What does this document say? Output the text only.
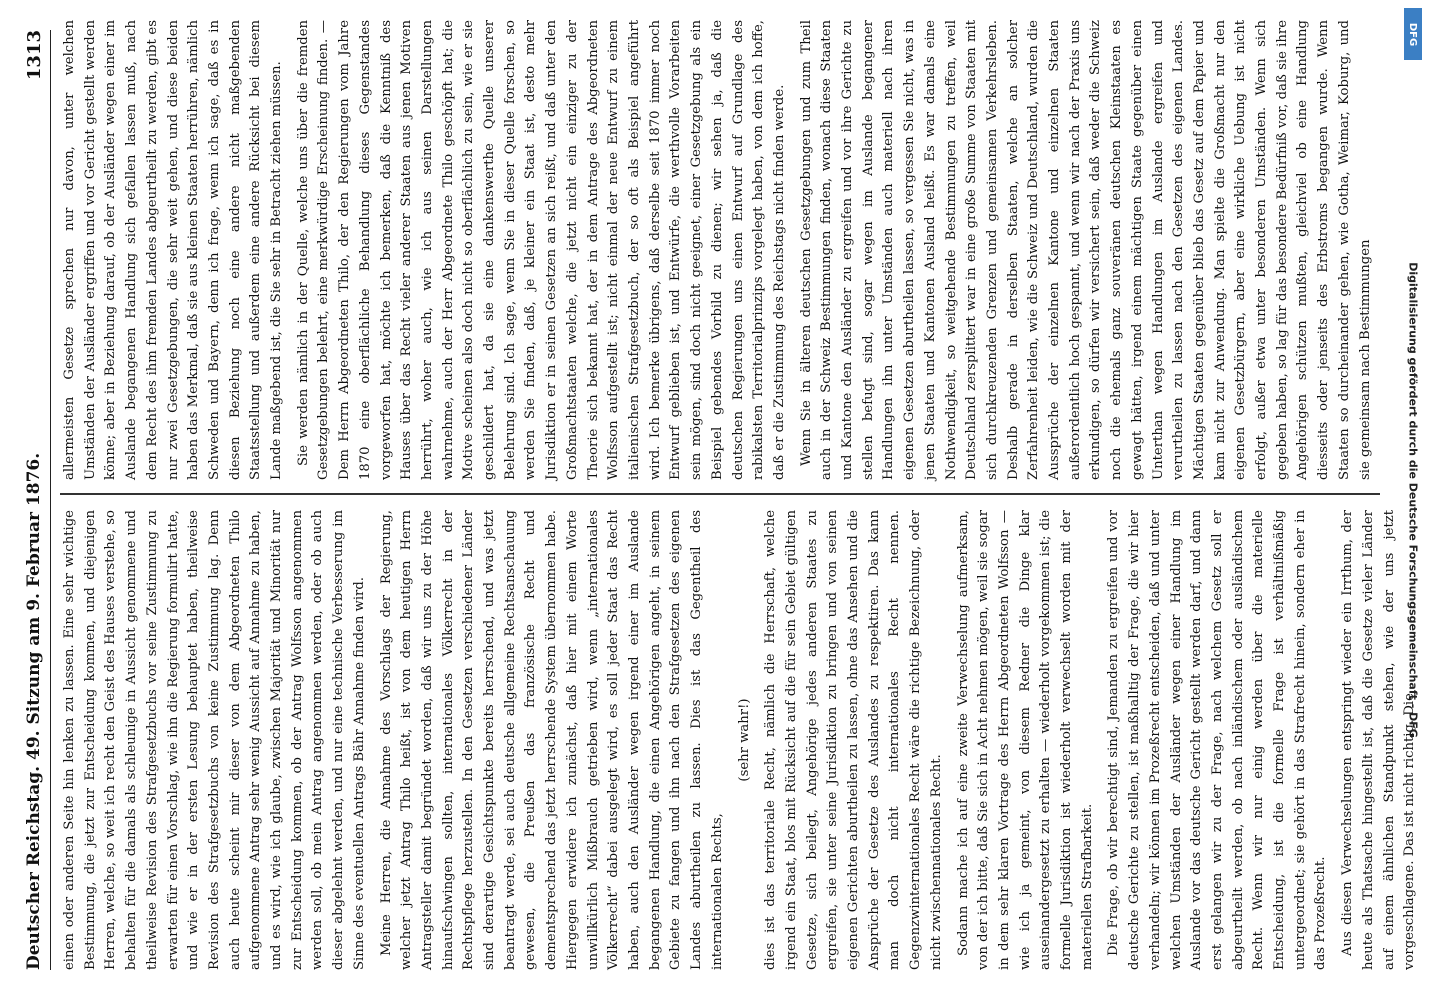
Deutscher Reichstag. 49. Sitzung am 9. Februar 1876.
1313

einen oder anderen Seite hin lenken zu lassen. Eine sehr wichtige Bestimmung, die jetzt zur Entscheidung kommen, und diejenigen Herren, welche, so weit ich recht den Geist des Hauses verstehe, so behalten für die damals als schleunige in Aussicht genommene und theilweise Revision des Strafgesetzbuchs vor seine Zustimmung zu erwarten für einen Vorschlag, wie ihn die Regierung formulirt hatte, und wie er in der ersten Lesung behauptet haben, theilweise Revision des Strafgesetzbuchs von keine Zustimmung lag. Denn auch heute scheint mir dieser von dem Abgeordneten Thilo aufgenommene Antrag sehr wenig Aussicht auf Annahme zu haben, und es wird, wie ich glaube, zwischen Majorität und Minorität nur zur Entscheidung kommen, ob der Antrag Wolfsson angenommen werden soll, ob mein Antrag angenommen werden, oder ob auch dieser abgelehnt werden, und nur eine technische Verbesserung im Sinne des eventuellen Antrags Bähr Annahme finden wird. Meine Herren, die Annahme des Vorschlags der Regierung, welcher jetzt Antrag Thilo heißt, ist von dem heutigen Herrn Antragsteller damit begründet worden, daß wir uns zu der Höhe hinaufschwingen sollten, internationales Völkerrecht in der Rechtspflege herzustellen. In den Gesetzen verschiedener Länder sind derartige Gesichtspunkte bereits herrschend, und was jetzt beantragt werde, sei auch deutsche allgemeine Rechtsanschauung gewesen, die Preußen das französische Recht und dementsprechend das jetzt herrschende System übernommen habe. Hiergegen erwidere ich zunächst, daß hier mit einem Worte unwillkürlich Mißbrauch getrieben wird, wenn „internationales Völkerrecht“ dabei ausgelegt wird, es soll jeder Staat das Recht haben, auch den Ausländer wegen irgend einer im Auslande begangenen Handlung, die einen Angehörigen angeht, in seinem Gebiete zu fangen und ihn nach den Strafgesetzen des eigenen Landes aburtheilen zu lassen. Dies ist das Gegentheil des internationalen Rechts,

(sehr wahr!) dies ist das territoriale Recht, nämlich die Herrschaft, welche irgend ein Staat, blos mit Rücksicht auf die für sein Gebiet gültigen Gesetze, sich beilegt, Angehörige jedes anderen Staates zu ergreifen, sie unter seine Jurisdiktion zu bringen und von seinen eigenen Gerichten aburtheilen zu lassen, ohne das Ansehen und die Ansprüche der Gesetze des Auslandes zu respektiren. Das kann man doch nicht internationales Recht nennen. Gegenzwinternationales Recht wäre die richtige Bezeichnung, oder nicht zwischennationales Recht. Sodann mache ich auf eine zweite Verwechselung aufmerksam, von der ich bitte, daß Sie sich in Acht nehmen mögen, weil sie sogar in dem sehr klaren Vortrage des Herrn Abgeordneten Wolfsson — wie ich ja gemeint, von diesem Redner die Dinge klar auseinandergesetzt zu erhalten — wiederholt vorgekommen ist; die formelle Jurisdiktion ist wiederholt verwechselt worden mit der materiellen Strafbarkeit. Die Frage, ob wir berechtigt sind, Jemanden zu ergreifen und vor deutsche Gerichte zu stellen, ist maßhalltig der Frage, die wir hier verhandeln; wir können im Prozeßrecht entscheiden, daß und unter welchen Umständen der Ausländer wegen einer Handlung im Auslande vor das deutsche Gericht gestellt werden darf, und dann erst gelangen wir zu der Frage, nach welchem Gesetz soll er abgeurtheilt werden, ob nach inländischem oder ausländischem Recht. Wenn wir nur einig werden über die materielle Entscheidung, ist die formelle Frage ist verhältnißmäßig untergeordnet; sie gehört in das Strafrecht hinein, sondern eher in das Prozeßrecht. Aus diesen Verwechselungen entspringt wieder ein Irrthum, der heute als Thatsache hingestellt ist, daß die Gesetze vieler Länder auf einem ähnlichen Standpunkt stehen, wie der uns jetzt vorgeschlagene. Das ist nicht richtig. Die

allermeisten Gesetze sprechen nur davon, unter welchen Umständen der Ausländer ergriffen und vor Gericht gestellt werden könne; aber in Beziehung darauf, ob der Ausländer wegen einer im Auslande begangenen Handlung sich gefallen lassen muß, nach dem Recht des ihm fremden Landes abgeurtheilt zu werden, gibt es nur zwei Gesetzgebungen, die sehr weit gehen, und diese beiden haben das Merkmal, daß sie aus kleinen Staaten herrühren, nämlich Schweden und Bayern, denn ich frage, wenn ich sage, daß es in diesen Beziehung noch eine andere nicht maßgebenden Staatsstellung und außerdem eine andere Rücksicht bei diesem Lande maßgebend ist, die Sie sehr in Betracht ziehen müssen. Sie werden nämlich in der Quelle, welche uns über die fremden Gesetzgebungen belehrt, eine merkwürdige Erscheinung finden. — Dem Herrn Abgeordneten Thilo, der den Regierungen vom Jahre 1870 eine oberflächliche Behandlung dieses Gegenstandes vorgeworfen hat, möchte ich bemerken, daß die Kenntniß des Hauses über das Recht vieler anderer Staaten aus jenen Motiven herrührt, woher auch, wie ich aus seinen Darstellungen wahrnehme, auch der Herr Abgeordnete Thilo geschöpft hat; die Motive scheinen also doch nicht so oberflächlich zu sein, wie er sie geschildert hat, da sie eine dankenswerthe Quelle unserer Belehrung sind. Ich sage, wenn Sie in dieser Quelle forschen, so werden Sie finden, daß, je kleiner ein Staat ist, desto mehr Jurisdiktion er in seinen Gesetzen an sich reißt, und daß unter den Großmachtstaaten welche, die jetzt nicht ein einziger zu der Theorie sich bekannt hat, der in dem Antrage des Abgeordneten Wolfsson aufgestellt ist; nicht einmal der neue Entwurf zu einem italienischen Strafgesetzbuch, der so oft als Beispiel angeführt wird. Ich bemerke übrigens, daß derselbe seit 1870 immer noch Entwurf geblieben ist, und Entwürfe, die werthvolle Vorarbeiten sein mögen, sind doch nicht geeignet, einer Gesetzgebung als ein Beispiel gebendes Vorbild zu dienen; wir sehen ja, daß die deutschen Regierungen uns einen Entwurf auf Grundlage des rabikalsten Territorialprinzips vorgelegt haben, von dem ich hoffe, daß er die Zustimmung des Reichstags nicht finden werde. Wenn Sie in älteren deutschen Gesetzgebungen und zum Theil auch in der Schweiz Bestimmungen finden, wonach diese Staaten und Kantone den Ausländer zu ergreifen und vor ihre Gerichte zu stellen befugt sind, sogar wegen im Auslande begangener Handlungen ihn unter Umständen auch materiell nach ihren eigenen Gesetzen aburtheilen lassen, so vergessen Sie nicht, was in jenen Staaten und Kantonen Ausland heißt. Es war damals eine Nothwendigkeit, so weitgehende Bestimmungen zu treffen, weil Deutschland zersplittert war in eine große Summe von Staaten mit sich durchkreuzenden Grenzen und gemeinsamen Verkehrsleben. Deshalb gerade in derselben Staaten, welche an solcher Zerfahrenheit leiden, wie die Schweiz und Deutschland, wurden die Aussprüche der einzelnen Kantone und einzelnen Staaten außerordentlich hoch gespannt, und wenn wir nach der Praxis uns erkundigen, so dürfen wir versichert sein, daß weder die Schweiz noch die ehemals ganz souveränen deutschen Kleinstaaten es gewagt hätten, irgend einem mächtigen Staate gegenüber einen Unterthan wegen Handlungen im Auslande ergreifen und verurtheilen zu lassen nach den Gesetzen des eigenen Landes. Mächtigen Staaten gegenüber blieb das Gesetz auf dem Papier und kam nicht zur Anwendung. Man spielte die Großmacht nur den eigenen Gesetzbürgern, aber eine wirkliche Uebung ist nicht erfolgt, außer etwa unter besonderen Umständen. Wenn sich gegeben haben, so lag für das besondere Bedürfniß vor, daß sie ihre Angehörigen schützen mußten, gleichviel ob eine Handlung diesseits oder jenseits des Erbstroms begangen wurde. Wenn Staaten so durcheinander gehen, wie Gotha, Weimar, Koburg, und sie gemeinsam nach Bestimmungen

DFG
Digitalisierung gefördert durch die Deutsche Forschungsgemeinschaft - DFG
